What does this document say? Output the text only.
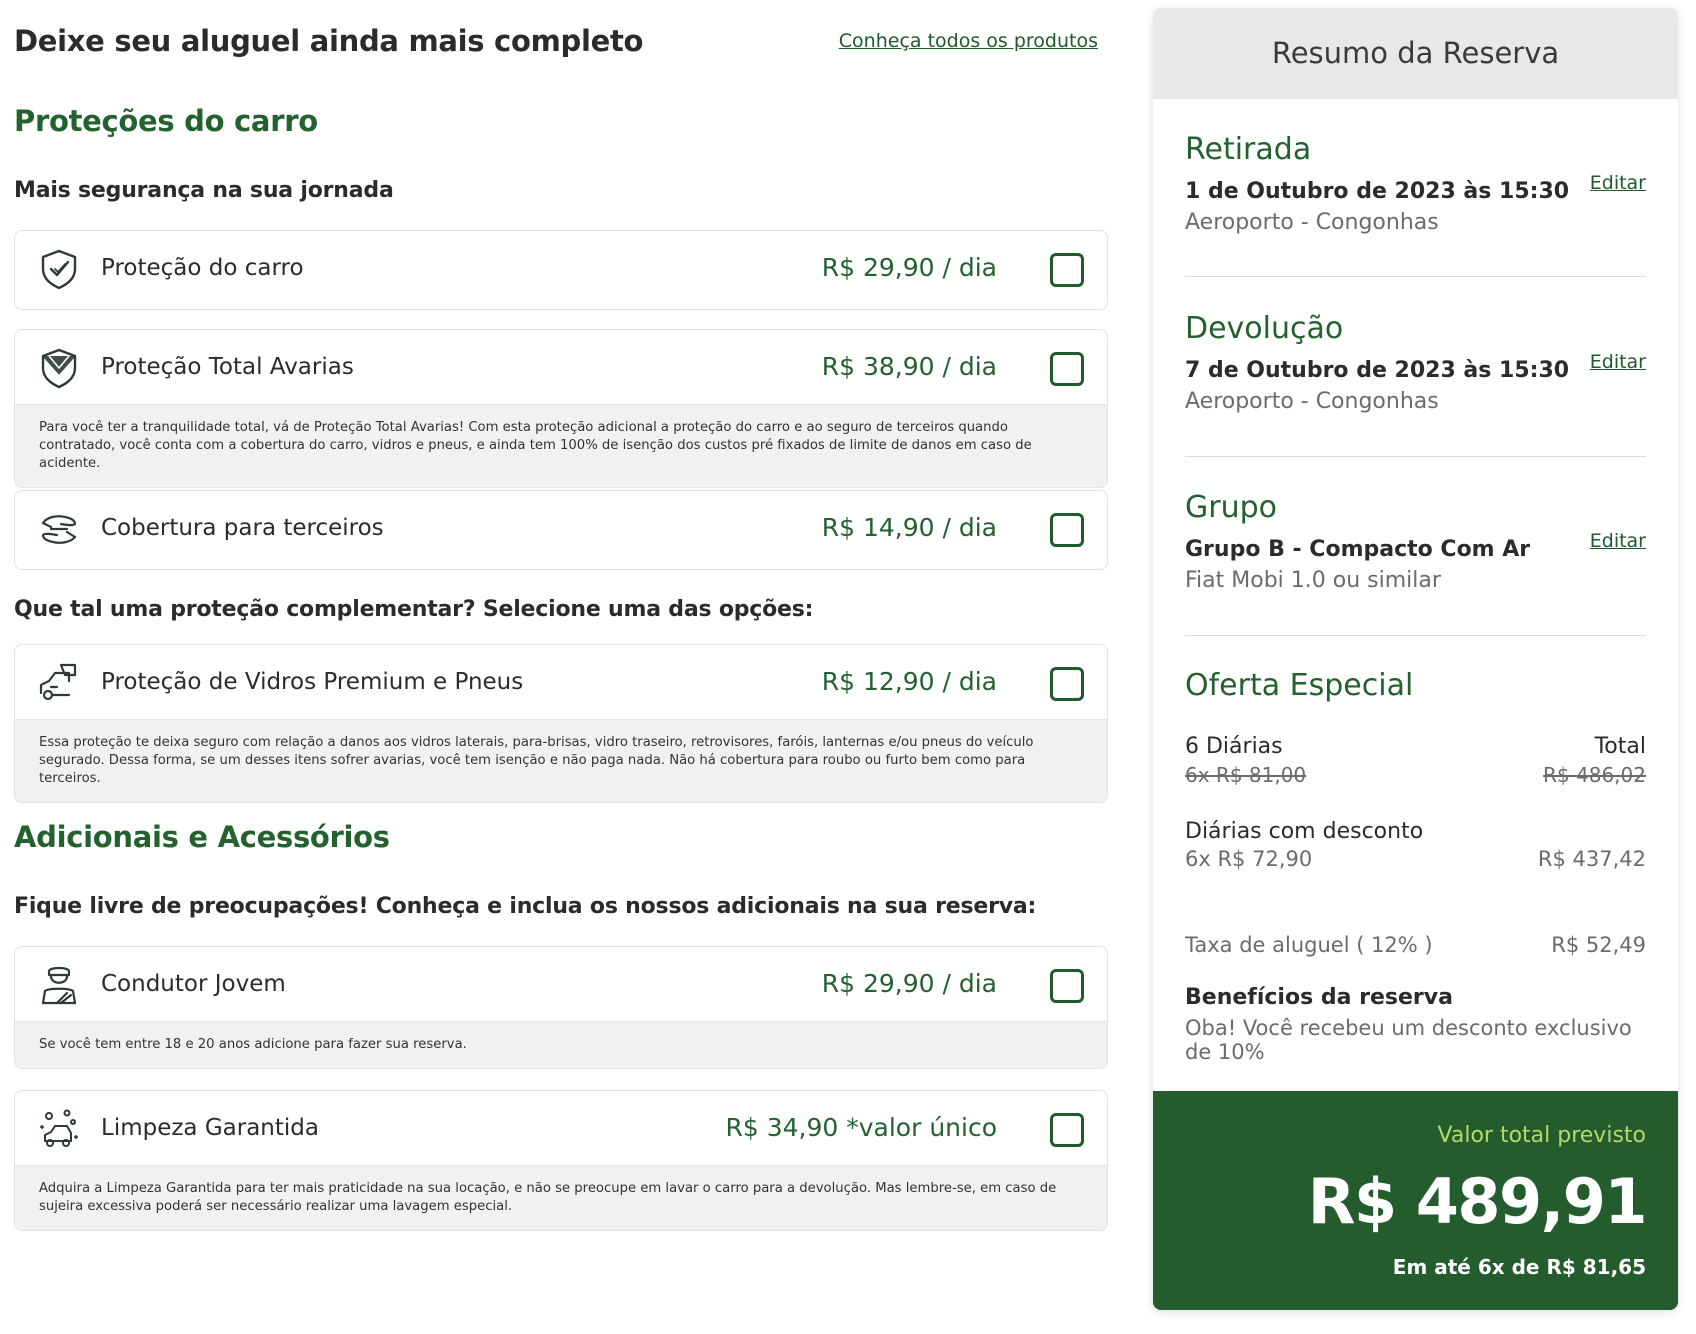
Deixe seu aluguel ainda mais completo	Conheça todos os produtos
Proteções do carro
Mais segurança na sua jornada
Proteção do carro	R$ 29,90 / dia
Proteção Total Avarias	R$ 38,90 / dia
Para você ter a tranquilidade total, vá de Proteção Total Avarias! Com esta proteção adicional a proteção do carro e ao seguro de terceiros quando contratado, você conta com a cobertura do carro, vidros e pneus, e ainda tem 100% de isenção dos custos pré fixados de limite de danos em caso de acidente.
Cobertura para terceiros	R$ 14,90 / dia
Que tal uma proteção complementar? Selecione uma das opções:
Proteção de Vidros Premium e Pneus	R$ 12,90 / dia
Essa proteção te deixa seguro com relação a danos aos vidros laterais, para-brisas, vidro traseiro, retrovisores, faróis, lanternas e/ou pneus do veículo segurado. Dessa forma, se um desses itens sofrer avarias, você tem isenção e não paga nada. Não há cobertura para roubo ou furto bem como para terceiros.
Adicionais e Acessórios
Fique livre de preocupações! Conheça e inclua os nossos adicionais na sua reserva:
Condutor Jovem	R$ 29,90 / dia
Se você tem entre 18 e 20 anos adicione para fazer sua reserva.
Limpeza Garantida	R$ 34,90 *valor único
Adquira a Limpeza Garantida para ter mais praticidade na sua locação, e não se preocupe em lavar o carro para a devolução. Mas lembre-se, em caso de sujeira excessiva poderá ser necessário realizar uma lavagem especial.
Resumo da Reserva
Retirada
1 de Outubro de 2023 às 15:30
Aeroporto - Congonhas
Editar
Devolução
7 de Outubro de 2023 às 15:30
Aeroporto - Congonhas
Editar
Grupo
Grupo B - Compacto Com Ar
Fiat Mobi 1.0 ou similar
Editar
Oferta Especial
6 Diárias	Total
6x R$ 81,00	R$ 486,02
Diárias com desconto
6x R$ 72,90	R$ 437,42
Taxa de aluguel ( 12% )	R$ 52,49
Benefícios da reserva
Oba! Você recebeu um desconto exclusivo de 10%
Valor total previsto
R$ 489,91
Em até 6x de R$ 81,65
